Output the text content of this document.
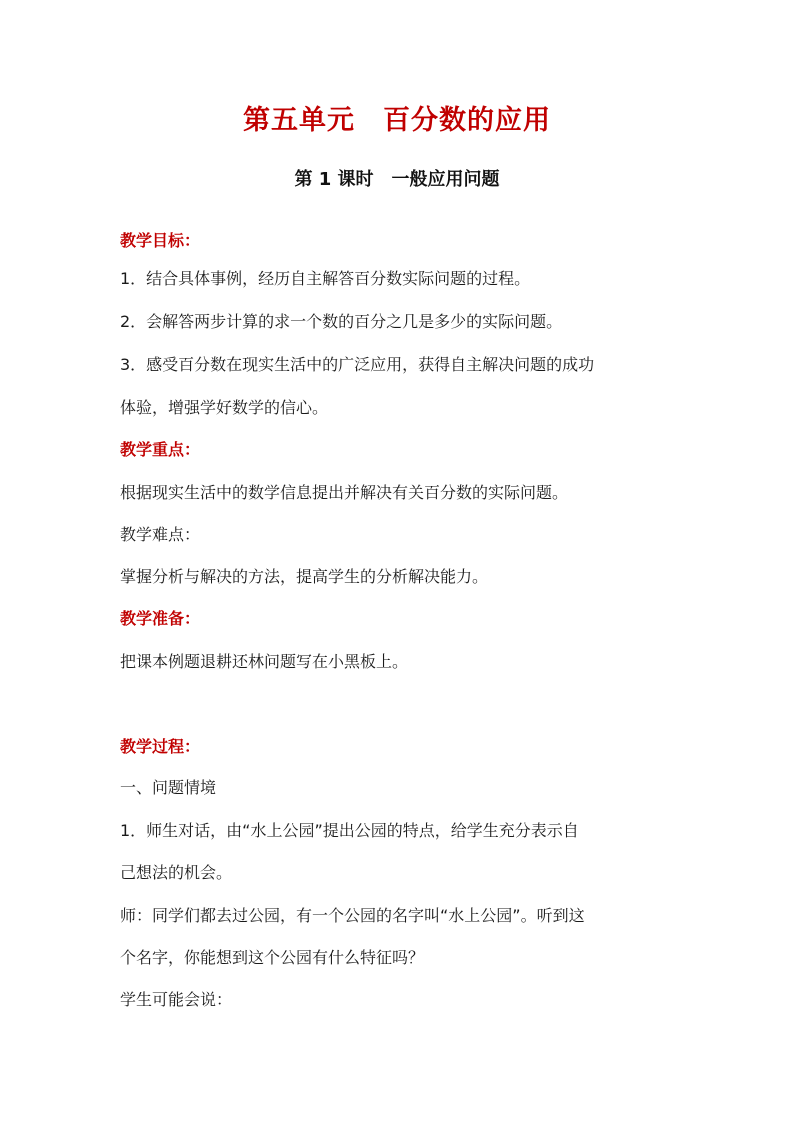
第五单元　百分数的应用
第 1 课时　一般应用问题
教学目标：
1．结合具体事例，经历自主解答百分数实际问题的过程。
2．会解答两步计算的求一个数的百分之几是多少的实际问题。
3．感受百分数在现实生活中的广泛应用，获得自主解决问题的成功
体验，增强学好数学的信心。
教学重点：
根据现实生活中的数学信息提出并解决有关百分数的实际问题。
教学难点：
掌握分析与解决的方法，提高学生的分析解决能力。
教学准备：
把课本例题退耕还林问题写在小黑板上。
教学过程：
一、问题情境
1．师生对话，由“水上公园”提出公园的特点，给学生充分表示自
己想法的机会。
师：同学们都去过公园，有一个公园的名字叫“水上公园”。听到这
个名字，你能想到这个公园有什么特征吗？
学生可能会说：
